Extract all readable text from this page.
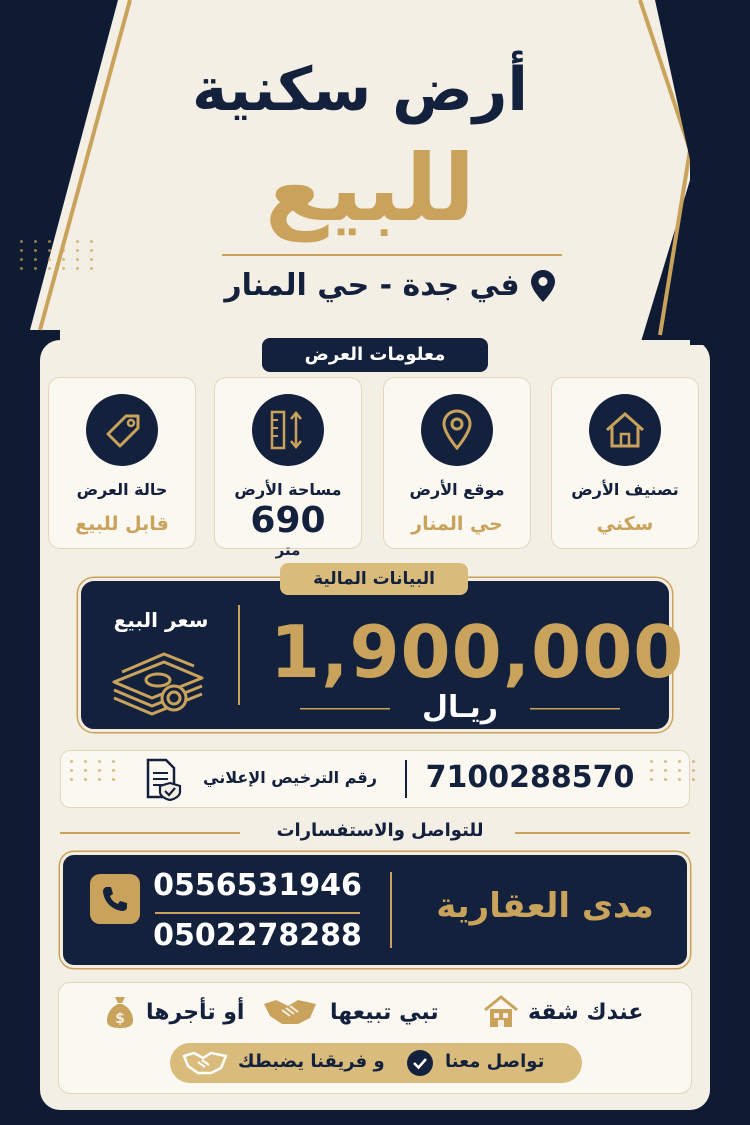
أرض سكنية
للبيع
في جدة - حي المنار
معلومات العرض
تصنيف الأرض
سكني
موقع الأرض
حي المنار
مساحة الأرض
690
متر
حالة العرض
قابل للبيع
البيانات المالية
1,900,000
ريـال
سعر البيع
7100288570
رقم الترخيص الإعلاني
للتواصل والاستفسارات
مدى العقارية
0556531946
0502278288
عندك شقة
تبي تبيعها
أو تأجرها
$
تواصل معنا
و فريقنا يضبطك
